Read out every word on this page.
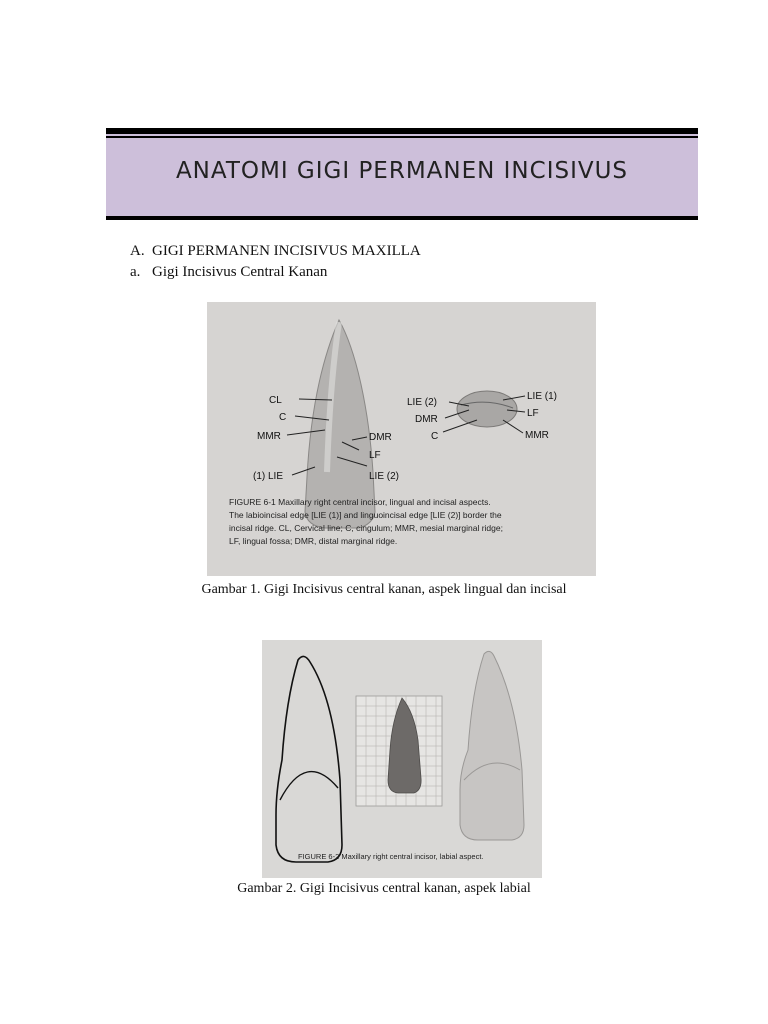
ANATOMI GIGI PERMANEN INCISIVUS
A. GIGI PERMANEN INCISIVUS MAXILLA
a. Gigi Incisivus Central Kanan
CL
C
MMR
(1) LIE
DMR
LF
LIE (2)
LIE (2)
DMR
C
LIE (1)
LF
MMR
FIGURE 6-1 Maxillary right central incisor, lingual and incisal aspects.
The labioincisal edge [LIE (1)] and linguoincisal edge [LIE (2)] border the
incisal ridge. CL, Cervical line; C, cingulum; MMR, mesial marginal ridge;
LF, lingual fossa; DMR, distal marginal ridge.
Gambar 1. Gigi Incisivus central kanan, aspek lingual dan incisal
FIGURE 6-2 Maxillary right central incisor, labial aspect.
Gambar 2. Gigi Incisivus central kanan, aspek labial
